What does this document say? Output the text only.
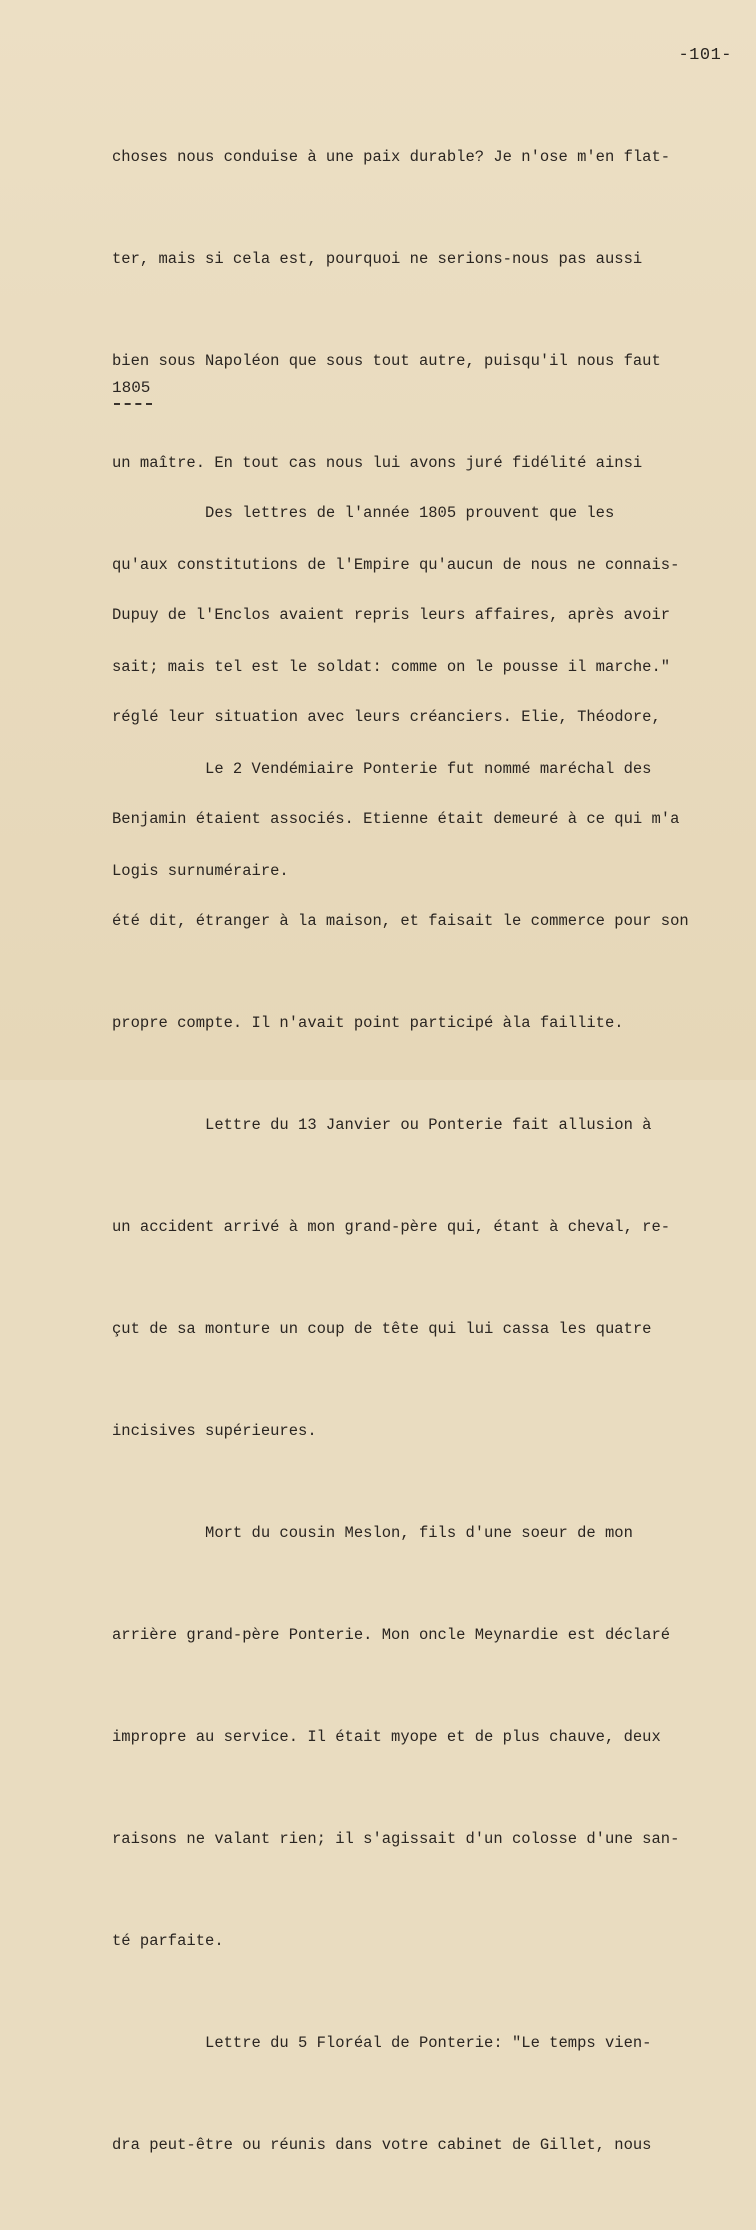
-101-

choses nous conduise à une paix durable? Je n'ose m'en flat-

ter, mais si cela est, pourquoi ne serions-nous pas aussi

bien sous Napoléon que sous tout autre, puisqu'il nous faut

un maître. En tout cas nous lui avons juré fidélité ainsi

qu'aux constitutions de l'Empire qu'aucun de nous ne connais-

sait; mais tel est le soldat: comme on le pousse il marche."

Le 2 Vendémiaire Ponterie fut nommé maréchal des

Logis surnuméraire.

1805

Des lettres de l'année 1805 prouvent que les

Dupuy de l'Enclos avaient repris leurs affaires, après avoir

réglé leur situation avec leurs créanciers. Elie, Théodore,

Benjamin étaient associés. Etienne était demeuré à ce qui m'a

été dit, étranger à la maison, et faisait le commerce pour son

propre compte. Il n'avait point participé àla faillite.

Lettre du 13 Janvier ou Ponterie fait allusion à

un accident arrivé à mon grand-père qui, étant à cheval, re-

çut de sa monture un coup de tête qui lui cassa les quatre

incisives supérieures.

Mort du cousin Meslon, fils d'une soeur de mon

arrière grand-père Ponterie. Mon oncle Meynardie est déclaré

impropre au service. Il était myope et de plus chauve, deux

raisons ne valant rien; il s'agissait d'un colosse d'une san-

té parfaite.

Lettre du 5 Floréal de Ponterie: "Le temps vien-

dra peut-être ou réunis dans votre cabinet de Gillet, nous
